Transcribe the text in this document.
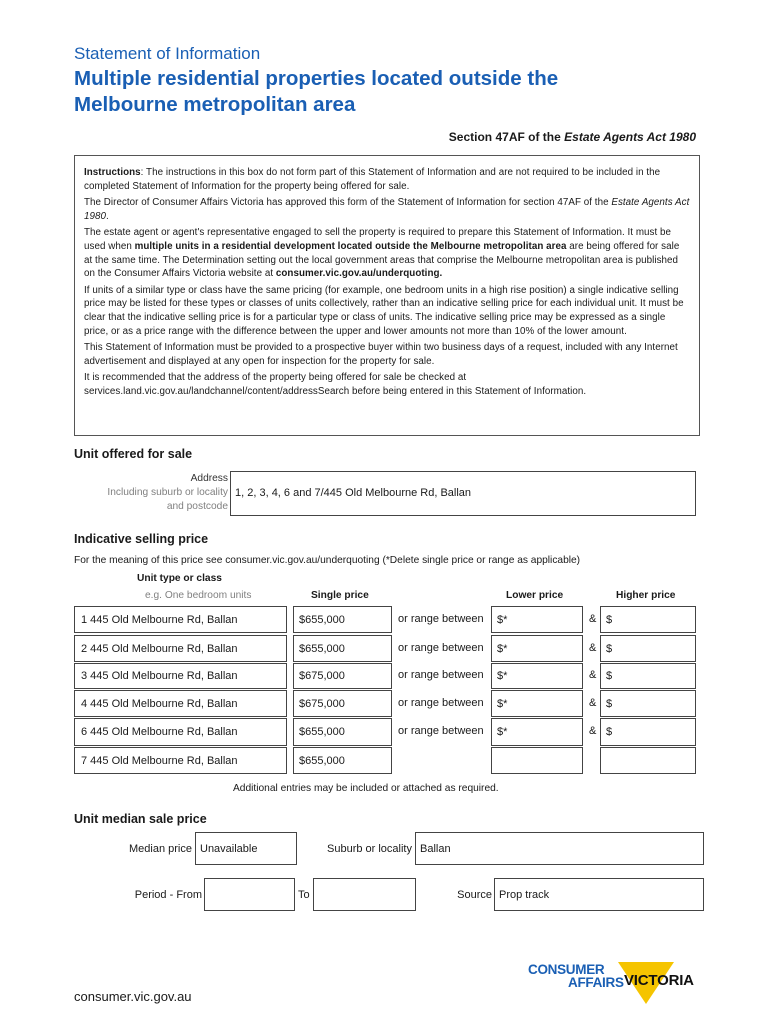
Statement of Information
Multiple residential properties located outside the
Melbourne metropolitan area
Section 47AF of the Estate Agents Act 1980

Instructions: The instructions in this box do not form part of this Statement of Information and are not required to be included in the completed Statement of Information for the property being offered for sale.

The Director of Consumer Affairs Victoria has approved this form of the Statement of Information for section 47AF of the Estate Agents Act 1980.

The estate agent or agent's representative engaged to sell the property is required to prepare this Statement of Information. It must be used when multiple units in a residential development located outside the Melbourne metropolitan area are being offered for sale at the same time. The Determination setting out the local government areas that comprise the Melbourne metropolitan area is published on the Consumer Affairs Victoria website at consumer.vic.gov.au/underquoting.

If units of a similar type or class have the same pricing (for example, one bedroom units in a high rise position) a single indicative selling price may be listed for these types or classes of units collectively, rather than an indicative selling price for each individual unit. It must be clear that the indicative selling price is for a particular type or class of units. The indicative selling price may be expressed as a single price, or as a price range with the difference between the upper and lower amounts not more than 10% of the lower amount.

This Statement of Information must be provided to a prospective buyer within two business days of a request, included with any Internet advertisement and displayed at any open for inspection for the property for sale.

It is recommended that the address of the property being offered for sale be checked at services.land.vic.gov.au/landchannel/content/addressSearch before being entered in this Statement of Information.

Unit offered for sale
Address
Including suburb or locality
and postcode
1, 2, 3, 4, 6 and 7/445 Old Melbourne Rd, Ballan
Indicative selling price
For the meaning of this price see consumer.vic.gov.au/underquoting (*Delete single price or range as applicable)
Unit type or class
e.g. One bedroom units	Single price	Lower price	Higher price
1 445 Old Melbourne Rd, Ballan	$655,000	or range between $*	& $
2 445 Old Melbourne Rd, Ballan	$655,000	or range between $*	& $
3 445 Old Melbourne Rd, Ballan	$675,000	or range between $*	& $
4 445 Old Melbourne Rd, Ballan	$675,000	or range between $*	& $
6 445 Old Melbourne Rd, Ballan	$655,000	or range between $*	& $
7 445 Old Melbourne Rd, Ballan	$655,000
Additional entries may be included or attached as required.
Unit median sale price
Median price Unavailable	Suburb or locality Ballan
Period - From	To	Source Prop track
CONSUMER
AFFAIRS VICTORIA
consumer.vic.gov.au
